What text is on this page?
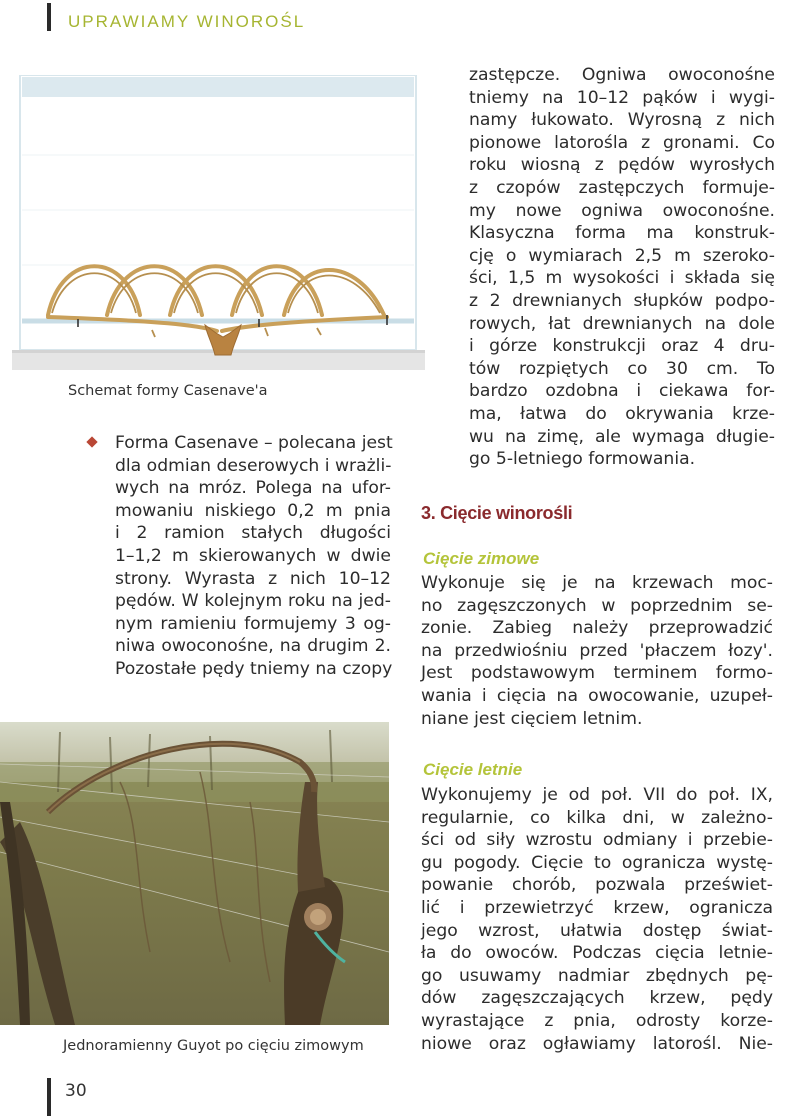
UPRAWIAMY WINOROŚL
Schemat formy Casenave'a
Forma Casenave – polecana jest
dla odmian deserowych i wrażli-
wych na mróz. Polega na ufor-
mowaniu niskiego 0,2 m pnia
i 2 ramion stałych długości
1–1,2 m skierowanych w dwie
strony. Wyrasta z nich 10–12
pędów. W kolejnym roku na jed-
nym ramieniu formujemy 3 og-
niwa owoconośne, na drugim 2.
Pozostałe pędy tniemy na czopy
zastępcze. Ogniwa owoconośne
tniemy na 10–12 pąków i wygi-
namy łukowato. Wyrosną z nich
pionowe latorośla z gronami. Co
roku wiosną z pędów wyrosłych
z czopów zastępczych formuje-
my nowe ogniwa owoconośne.
Klasyczna forma ma konstruk-
cję o wymiarach 2,5 m szeroko-
ści, 1,5 m wysokości i składa się
z 2 drewnianych słupków podpo-
rowych, łat drewnianych na dole
i górze konstrukcji oraz 4 dru-
tów rozpiętych co 30 cm. To
bardzo ozdobna i ciekawa for-
ma, łatwa do okrywania krze-
wu na zimę, ale wymaga długie-
go 5-letniego formowania.
3. Cięcie winorośli
Cięcie zimowe
Wykonuje się je na krzewach moc-
no zagęszczonych w poprzednim se-
zonie. Zabieg należy przeprowadzić
na przedwiośniu przed 'płaczem łozy'.
Jest podstawowym terminem formo-
wania i cięcia na owocowanie, uzupeł-
niane jest cięciem letnim.
Cięcie letnie
Wykonujemy je od poł. VII do poł. IX,
regularnie, co kilka dni, w zależno-
ści od siły wzrostu odmiany i przebie-
gu pogody. Cięcie to ogranicza wystę-
powanie chorób, pozwala przeświet-
lić i przewietrzyć krzew, ogranicza
jego wzrost, ułatwia dostęp świat-
ła do owoców. Podczas cięcia letnie-
go usuwamy nadmiar zbędnych pę-
dów zagęszczających krzew, pędy
wyrastające z pnia, odrosty korze-
niowe oraz ogławiamy latorośl. Nie-
Jednoramienny Guyot po cięciu zimowym
30
